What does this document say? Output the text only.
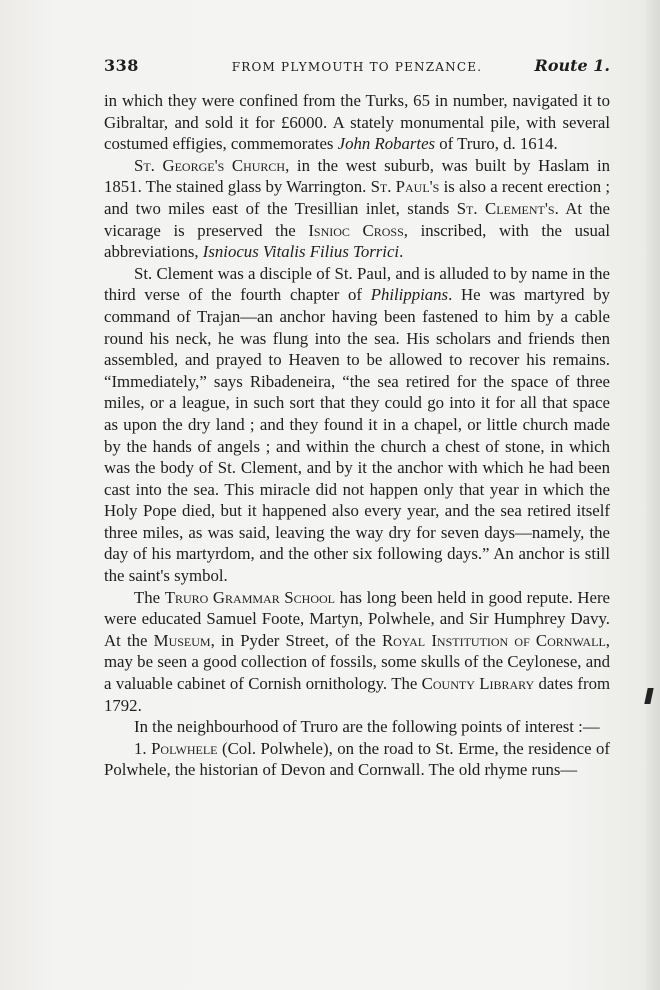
338	FROM PLYMOUTH TO PENZANCE.	Route 1.

in which they were confined from the Turks, 65 in number, navigated it to Gibraltar, and sold it for £6000. A stately monumental pile, with several costumed effigies, commemorates John Robartes of Truro, d. 1614.

St. George's Church, in the west suburb, was built by Haslam in 1851. The stained glass by Warrington. St. Paul's is also a recent erection ; and two miles east of the Tresillian inlet, stands St. Clement's. At the vicarage is preserved the Isnioc Cross, inscribed, with the usual abbreviations, Isniocus Vitalis Filius Torrici.

St. Clement was a disciple of St. Paul, and is alluded to by name in the third verse of the fourth chapter of Philippians. He was martyred by command of Trajan—an anchor having been fastened to him by a cable round his neck, he was flung into the sea. His scholars and friends then assembled, and prayed to Heaven to be allowed to recover his remains. “Immediately,” says Ribadeneira, “the sea retired for the space of three miles, or a league, in such sort that they could go into it for all that space as upon the dry land ; and they found it in a chapel, or little church made by the hands of angels ; and within the church a chest of stone, in which was the body of St. Clement, and by it the anchor with which he had been cast into the sea. This miracle did not happen only that year in which the Holy Pope died, but it happened also every year, and the sea retired itself three miles, as was said, leaving the way dry for seven days—namely, the day of his martyrdom, and the other six following days.” An anchor is still the saint's symbol.

The Truro Grammar School has long been held in good repute. Here were educated Samuel Foote, Martyn, Polwhele, and Sir Humphrey Davy. At the Museum, in Pyder Street, of the Royal Institution of Cornwall, may be seen a good collection of fossils, some skulls of the Ceylonese, and a valuable cabinet of Cornish ornithology. The County Library dates from 1792.

In the neighbourhood of Truro are the following points of interest :—

1. Polwhele (Col. Polwhele), on the road to St. Erme, the residence of Polwhele, the historian of Devon and Cornwall. The old rhyme runs—
